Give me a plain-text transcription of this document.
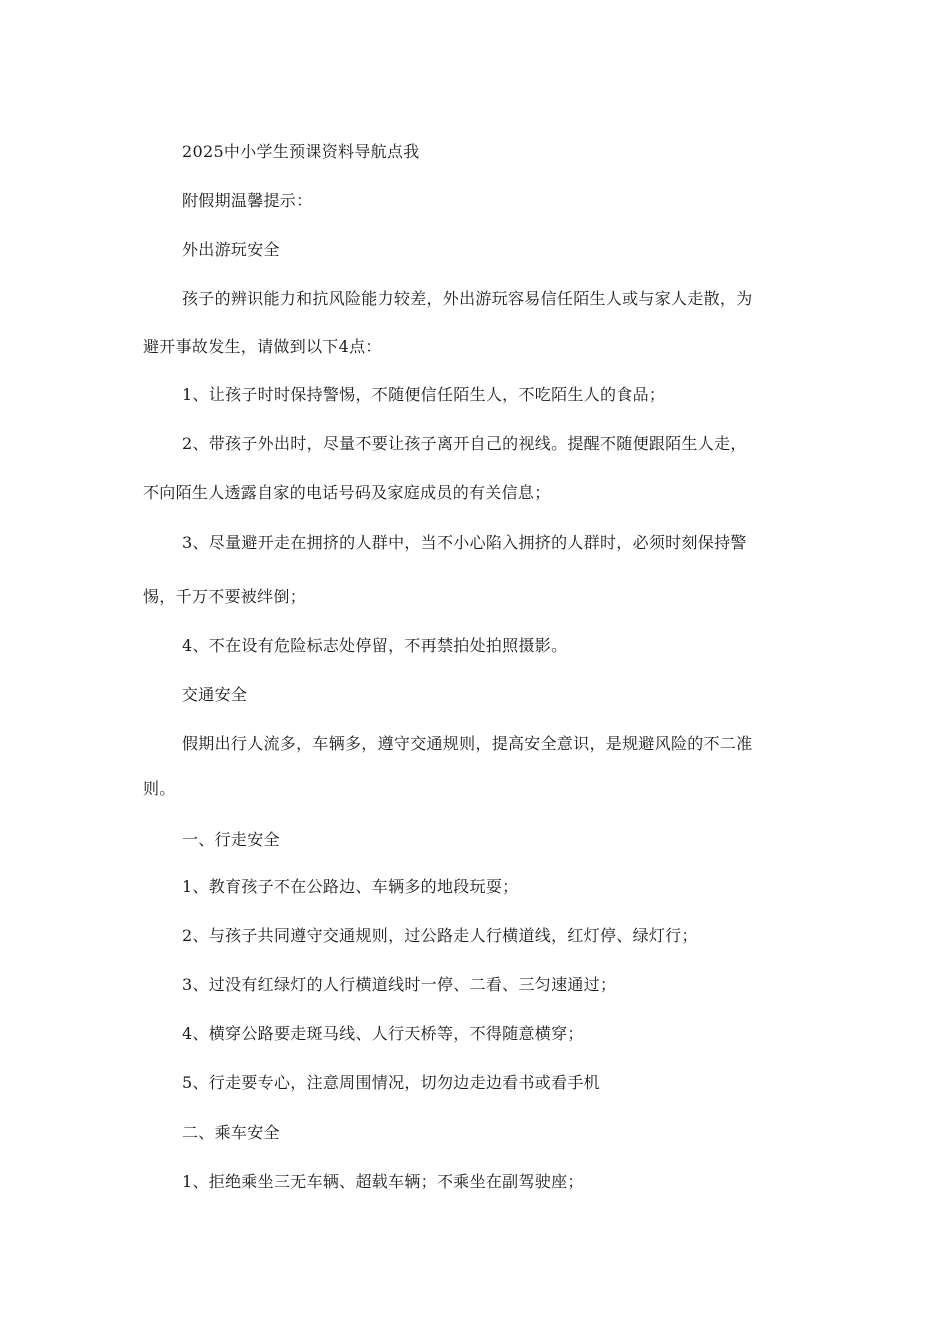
2025中小学生预课资料导航点我
附假期温馨提示：
外出游玩安全
孩子的辨识能力和抗风险能力较差，外出游玩容易信任陌生人或与家人走散，为
避开事故发生，请做到以下4点：
1、让孩子时时保持警惕，不随便信任陌生人，不吃陌生人的食品；
2、带孩子外出时，尽量不要让孩子离开自己的视线。提醒不随便跟陌生人走，
不向陌生人透露自家的电话号码及家庭成员的有关信息；
3、尽量避开走在拥挤的人群中，当不小心陷入拥挤的人群时，必须时刻保持警
惕，千万不要被绊倒；
4、不在设有危险标志处停留，不再禁拍处拍照摄影。
交通安全
假期出行人流多，车辆多，遵守交通规则，提高安全意识，是规避风险的不二准
则。
一、行走安全
1、教育孩子不在公路边、车辆多的地段玩耍；
2、与孩子共同遵守交通规则，过公路走人行横道线，红灯停、绿灯行；
3、过没有红绿灯的人行横道线时一停、二看、三匀速通过；
4、横穿公路要走斑马线、人行天桥等，不得随意横穿；
5、行走要专心，注意周围情况，切勿边走边看书或看手机
二、乘车安全
1、拒绝乘坐三无车辆、超载车辆；不乘坐在副驾驶座；
